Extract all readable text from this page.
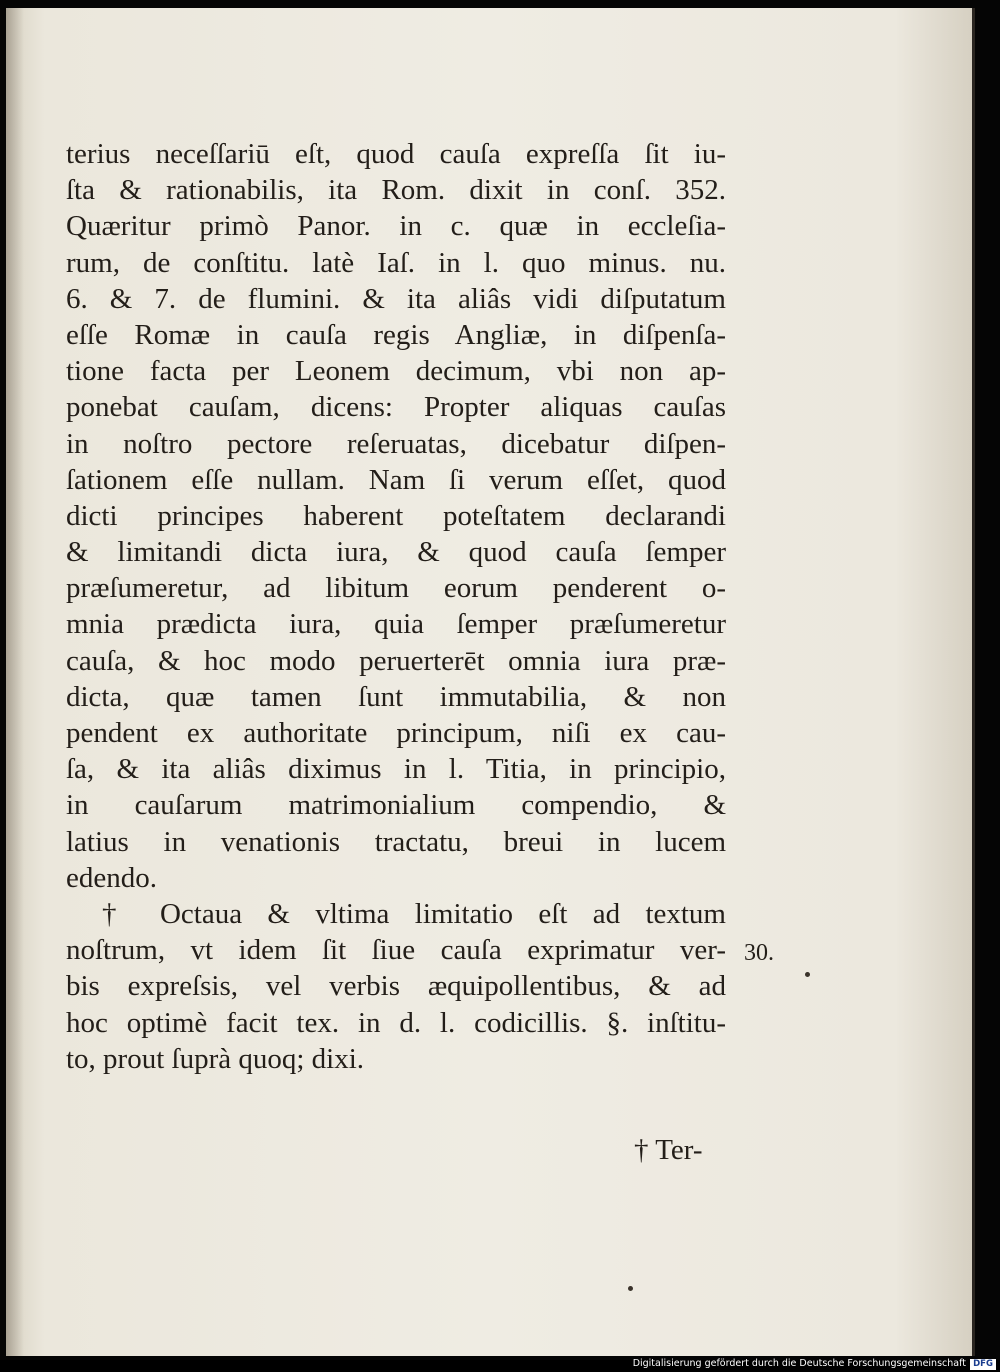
terius neceſſariū eſt, quod cauſa expreſſa ſit iu-
ſta & rationabilis, ita Rom. dixit in conſ. 352.
Quæritur primò Panor. in c. quæ in eccleſia-
rum, de conſtitu. latè Iaſ. in l. quo minus. nu.
6. & 7. de flumini. & ita aliâs vidi diſputatum
eſſe Romæ in cauſa regis Angliæ, in diſpenſa-
tione facta per Leonem decimum, vbi non ap-
ponebat cauſam, dicens: Propter aliquas cauſas
in noſtro pectore reſeruatas, dicebatur diſpen-
ſationem eſſe nullam. Nam ſi verum eſſet, quod
dicti principes haberent poteſtatem declarandi
& limitandi dicta iura, & quod cauſa ſemper
præſumeretur, ad libitum eorum penderent o-
mnia prædicta iura, quia ſemper præſumeretur
cauſa, & hoc modo peruerterēt omnia iura præ-
dicta, quæ tamen ſunt immutabilia, & non
pendent ex authoritate principum, niſi ex cau-
ſa, & ita aliâs diximus in l. Titia, in principio,
in cauſarum matrimonialium compendio, &
latius in venationis tractatu, breui in lucem
edendo.
† Octaua & vltima limitatio eſt ad textum
noſtrum, vt idem ſit ſiue cauſa exprimatur ver-
bis expreſsis, vel verbis æquipollentibus, & ad
hoc optimè facit tex. in d. l. codicillis. §. inſtitu-
to, prout ſuprà quoq; dixi.
30.
† Ter-
Digitalisierung gefördert durch die Deutsche Forschungsgemeinschaft DFG
